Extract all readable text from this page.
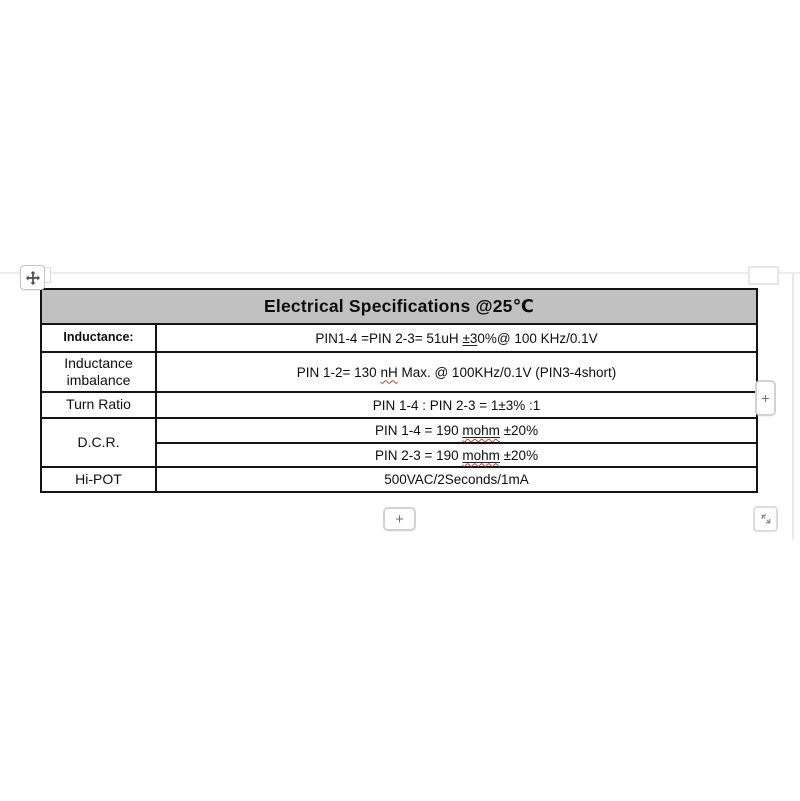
Electrical Specifications @25℃	
Inductance:	PIN1-4 =PIN 2-3= 51uH ±30%@ 100 KHz/0.1V
Inductance imbalance	PIN 1-2= 130 nH Max. @ 100KHz/0.1V (PIN3-4short)
Turn Ratio	PIN 1-4 : PIN 2-3 = 1±3% :1
D.C.R.	PIN 1-4 = 190 mohm ±20%
	PIN 2-3 = 190 mohm ±20%
Hi-POT	500VAC/2Seconds/1mA
+
+
